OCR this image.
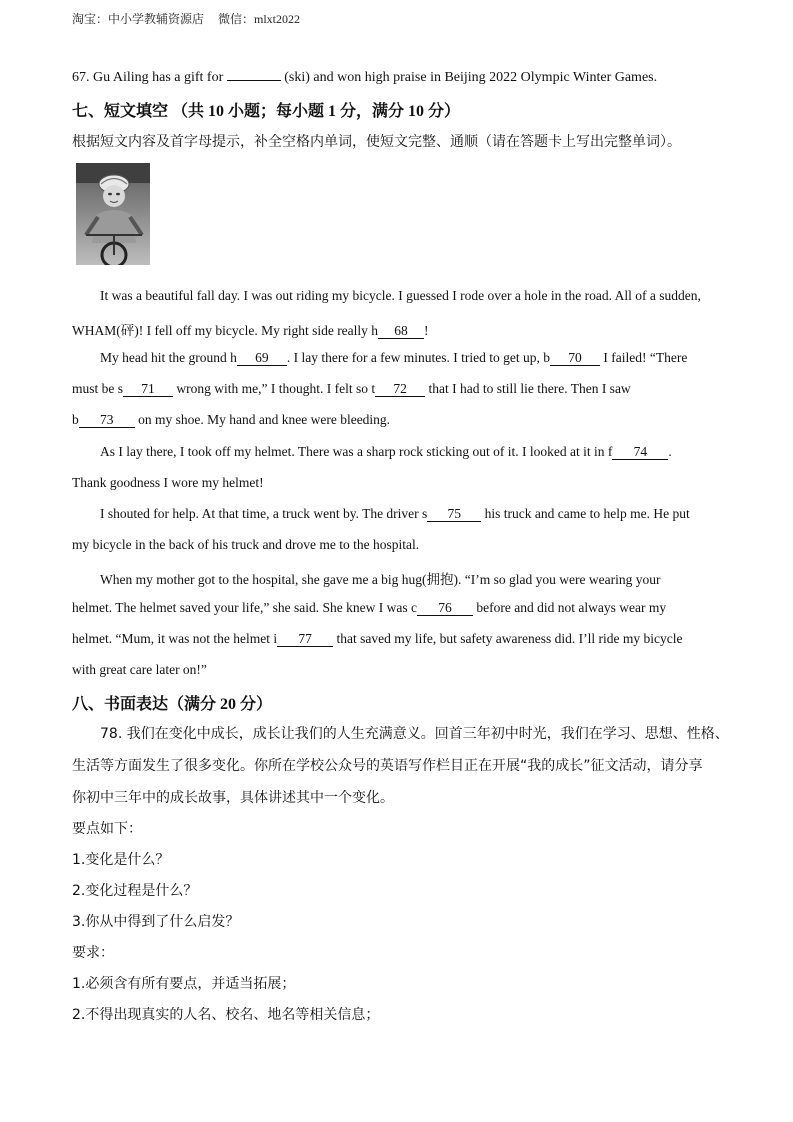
淘宝：中小学教辅资源店 微信：mlxt2022
67. Gu Ailing has a gift for	(ski) and won high praise in Beijing 2022 Olympic Winter Games.
七、短文填空 （共 10 小题；每小题 1 分，满分 10 分）
根据短文内容及首字母提示，补全空格内单词，使短文完整、通顺（请在答题卡上写出完整单词）。
It was a beautiful fall day. I was out riding my bicycle. I guessed I rode over a hole in the road. All of a sudden,
WHAM(砰)! I fell off my bicycle. My right side really h 68 !
My head hit the ground h 69 . I lay there for a few minutes. I tried to get up, b 70 I failed! “There
must be s 71 wrong with me,” I thought. I felt so t 72 that I had to still lie there. Then I saw
b 73 on my shoe. My hand and knee were bleeding.
As I lay there, I took off my helmet. There was a sharp rock sticking out of it. I looked at it in f 74 .
Thank goodness I wore my helmet!
I shouted for help. At that time, a truck went by. The driver s 75 his truck and came to help me. He put
my bicycle in the back of his truck and drove me to the hospital.
When my mother got to the hospital, she gave me a big hug(拥抱). “I’m so glad you were wearing your
helmet. The helmet saved your life,” she said. She knew I was c 76 before and did not always wear my
helmet. “Mum, it was not the helmet i 77 that saved my life, but safety awareness did. I’ll ride my bicycle
with great care later on!”
八、书面表达（满分 20 分）
78. 我们在变化中成长，成长让我们的人生充满意义。回首三年初中时光，我们在学习、思想、性格、
生活等方面发生了很多变化。你所在学校公众号的英语写作栏目正在开展“我的成长”征文活动，请分享
你初中三年中的成长故事，具体讲述其中一个变化。
要点如下：
1.变化是什么？
2.变化过程是什么？
3.你从中得到了什么启发？
要求：
1.必须含有所有要点，并适当拓展；
2.不得出现真实的人名、校名、地名等相关信息；
